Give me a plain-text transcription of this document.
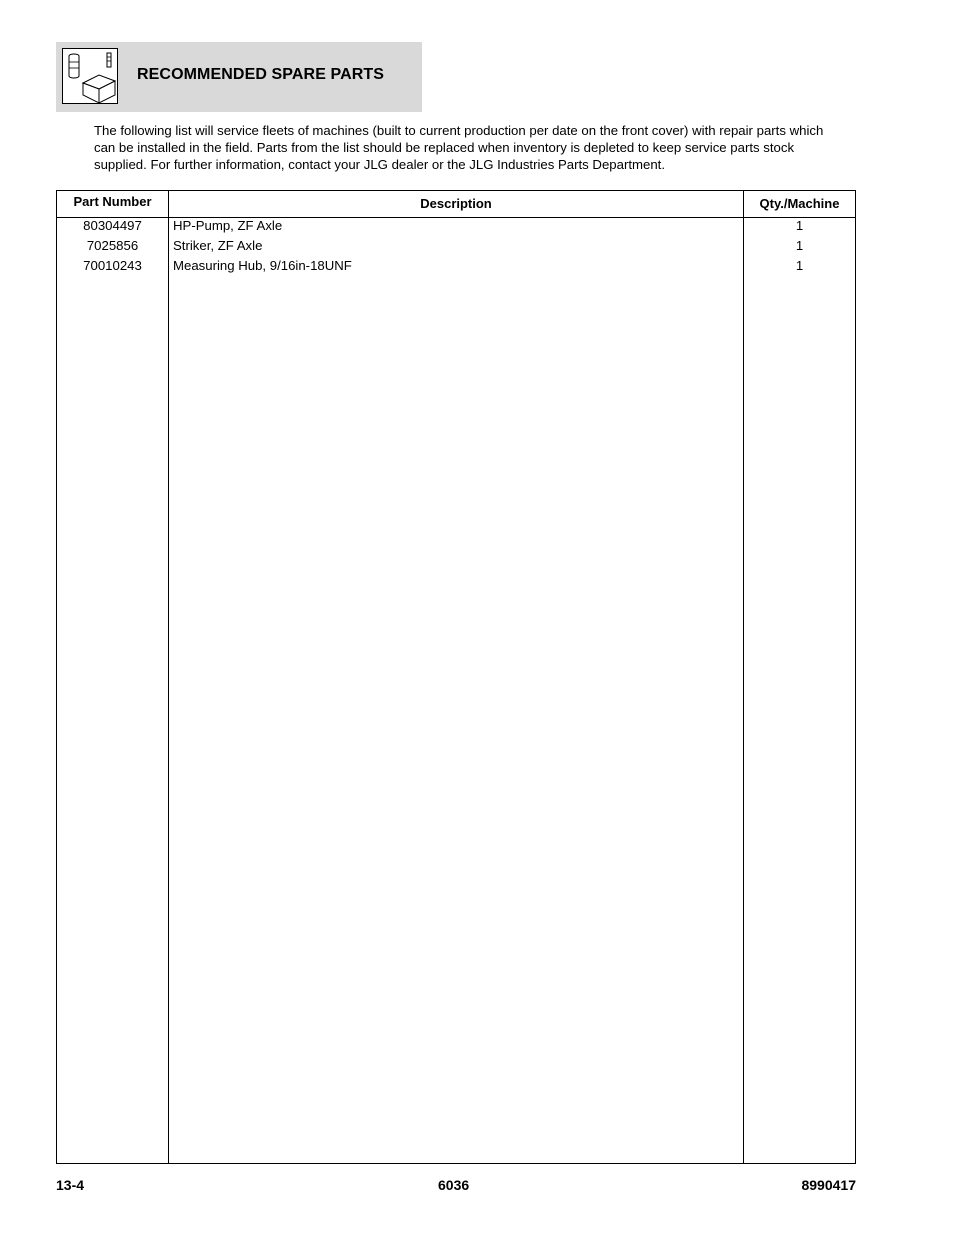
RECOMMENDED SPARE PARTS
The following list will service fleets of machines (built to current production per date on the front cover) with repair parts which can be installed in the field. Parts from the list should be replaced when inventory is depleted to keep service parts stock supplied. For further information, contact your JLG dealer or the JLG Industries Parts Department.
Part Number	Description	Qty./Machine
80304497	HP-Pump, ZF Axle	1
7025856	Striker, ZF Axle	1
70010243	Measuring Hub, 9/16in-18UNF	1
13-4	6036	8990417
